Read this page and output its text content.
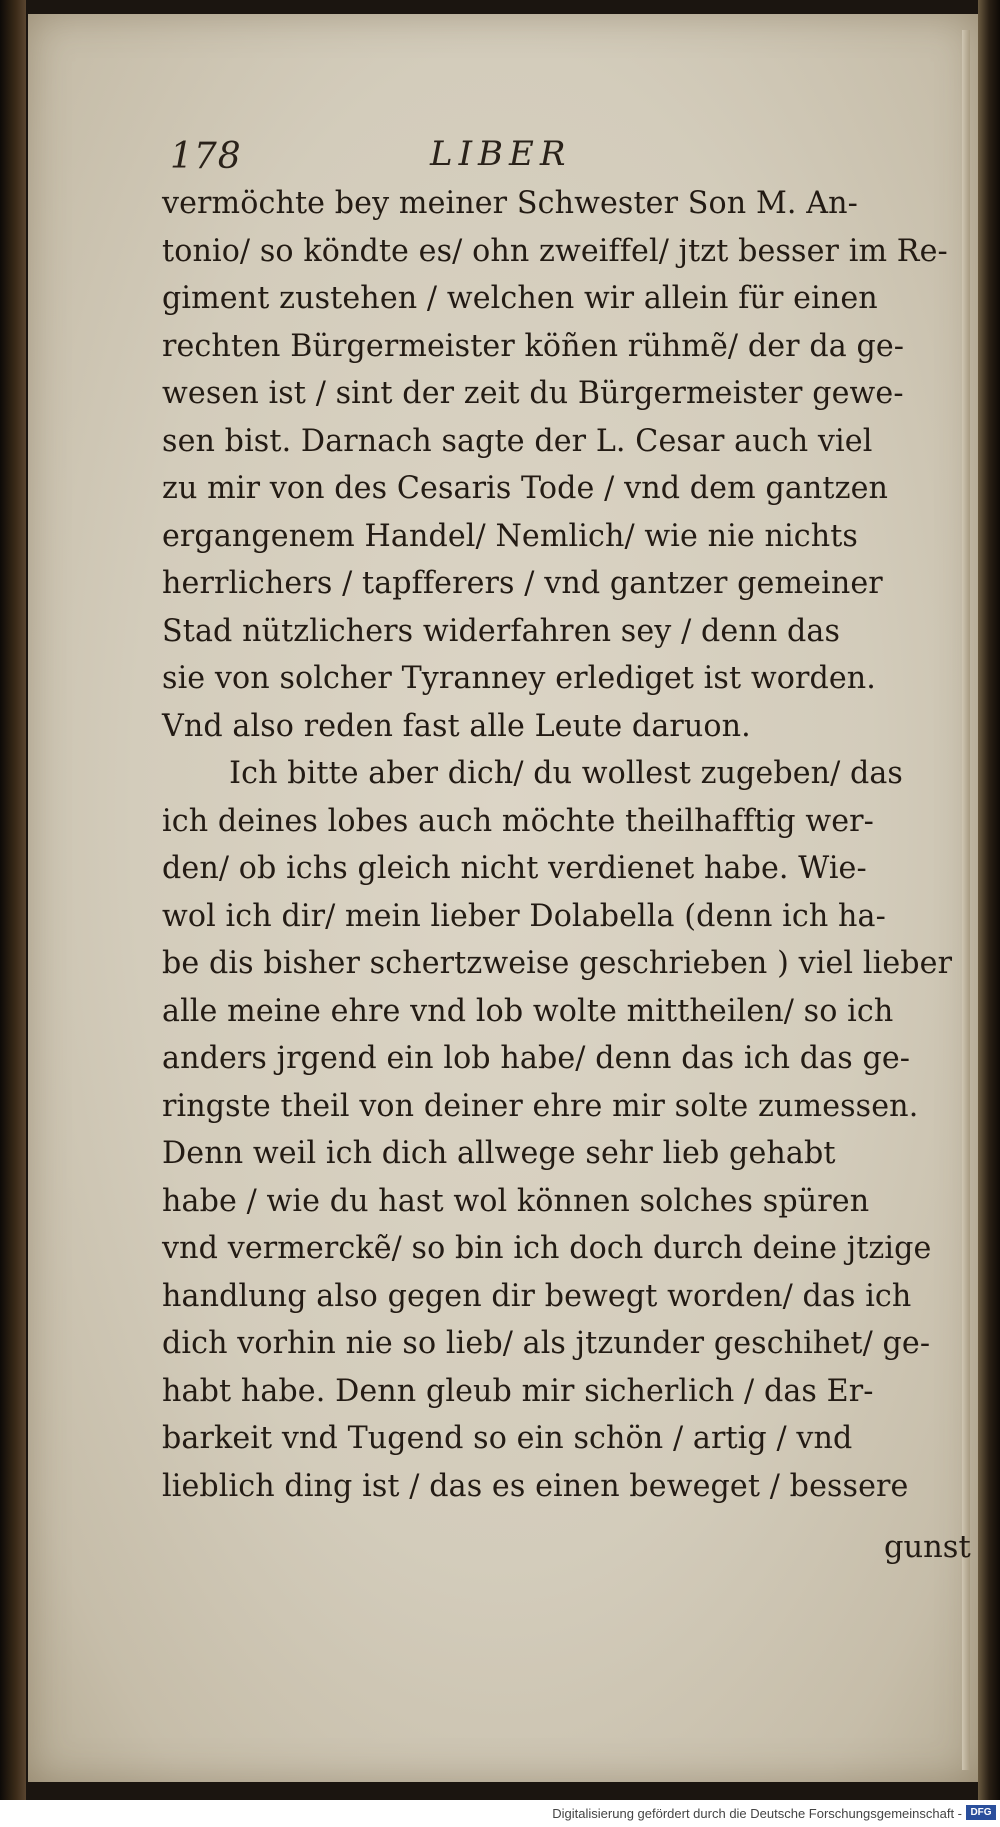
178	LIBER
vermöchte bey meiner Schwester Son M. An-
tonio/ so köndte es/ ohn zweiffel/ jtzt besser im Re-
giment zustehen / welchen wir allein für einen
rechten Bürgermeister köñen rühmẽ/ der da ge-
wesen ist / sint der zeit du Bürgermeister gewe-
sen bist. Darnach sagte der L. Cesar auch viel
zu mir von des Cesaris Tode / vnd dem gantzen
ergangenem Handel/ Nemlich/ wie nie nichts
herrlichers / tapfferers / vnd gantzer gemeiner
Stad nützlichers widerfahren sey / denn das
sie von solcher Tyranney erlediget ist worden.
Vnd also reden fast alle Leute daruon.
Ich bitte aber dich/ du wollest zugeben/ das
ich deines lobes auch möchte theilhafftig wer-
den/ ob ichs gleich nicht verdienet habe. Wie-
wol ich dir/ mein lieber Dolabella (denn ich ha-
be dis bisher schertzweise geschrieben ) viel lieber
alle meine ehre vnd lob wolte mittheilen/ so ich
anders jrgend ein lob habe/ denn das ich das ge-
ringste theil von deiner ehre mir solte zumessen.
Denn weil ich dich allwege sehr lieb gehabt
habe / wie du hast wol können solches spüren
vnd vermerckẽ/ so bin ich doch durch deine jtzige
handlung also gegen dir bewegt worden/ das ich
dich vorhin nie so lieb/ als jtzunder geschihet/ ge-
habt habe. Denn gleub mir sicherlich / das Er-
barkeit vnd Tugend so ein schön / artig / vnd
lieblich ding ist / das es einen beweget / bessere
gunst
Digitalisierung gefördert durch die Deutsche Forschungsgemeinschaft - DFG
